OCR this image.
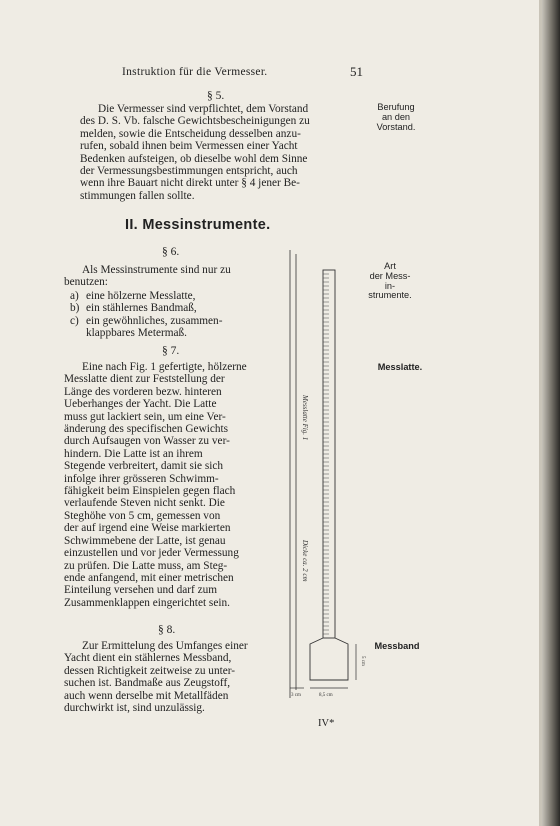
Instruktion für die Vermesser.	51
§ 5.

Die Vermesser sind verpflichtet, dem Vorstand

des D. S. Vb. falsche Gewichtsbescheinigungen zu

melden, sowie die Entscheidung desselben anzu-

rufen, sobald ihnen beim Vermessen einer Yacht

Bedenken aufsteigen, ob dieselbe wohl dem Sinne

der Vermessungsbestimmungen entspricht, auch

wenn ihre Bauart nicht direkt unter § 4 jener Be-

stimmungen fallen sollte.

Berufung
an den
Vorstand.
II. Messinstrumente.
§ 6.

Als Messinstrumente sind nur zu

benutzen:

a) eine hölzerne Messlatte,
b) ein stählernes Bandmaß,
c) ein gewöhnliches, zusammen-
klappbares Metermaß.
Art
der Mess-
in-
strumente.
§ 7.

Eine nach Fig. 1 gefertigte, hölzerne

Messlatte dient zur Feststellung der

Länge des vorderen bezw. hinteren

Ueberhanges der Yacht. Die Latte

muss gut lackiert sein, um eine Ver-

änderung des specifischen Gewichts

durch Aufsaugen von Wasser zu ver-

hindern. Die Latte ist an ihrem

Stegende verbreitert, damit sie sich

infolge ihrer grösseren Schwimm-

fähigkeit beim Einspielen gegen flach

verlaufende Steven nicht senkt. Die

Steghöhe von 5 cm, gemessen von

der auf irgend eine Weise markierten

Schwimmebene der Latte, ist genau

einzustellen und vor jeder Vermessung

zu prüfen. Die Latte muss, am Steg-

ende anfangend, mit einer metrischen

Einteilung versehen und darf zum

Zusammenklappen eingerichtet sein.

Messlatte.
§ 8.

Zur Ermittelung des Umfanges einer

Yacht dient ein stählernes Messband,

dessen Richtigkeit zeitweise zu unter-

suchen ist. Bandmaße aus Zeugstoff,

auch wenn derselbe mit Metallfäden

durchwirkt ist, sind unzulässig.

Messband
Messlatte Fig. 1
Dicke ca. 2 cm
5 cm
8,5 cm
3 cm
IV*
